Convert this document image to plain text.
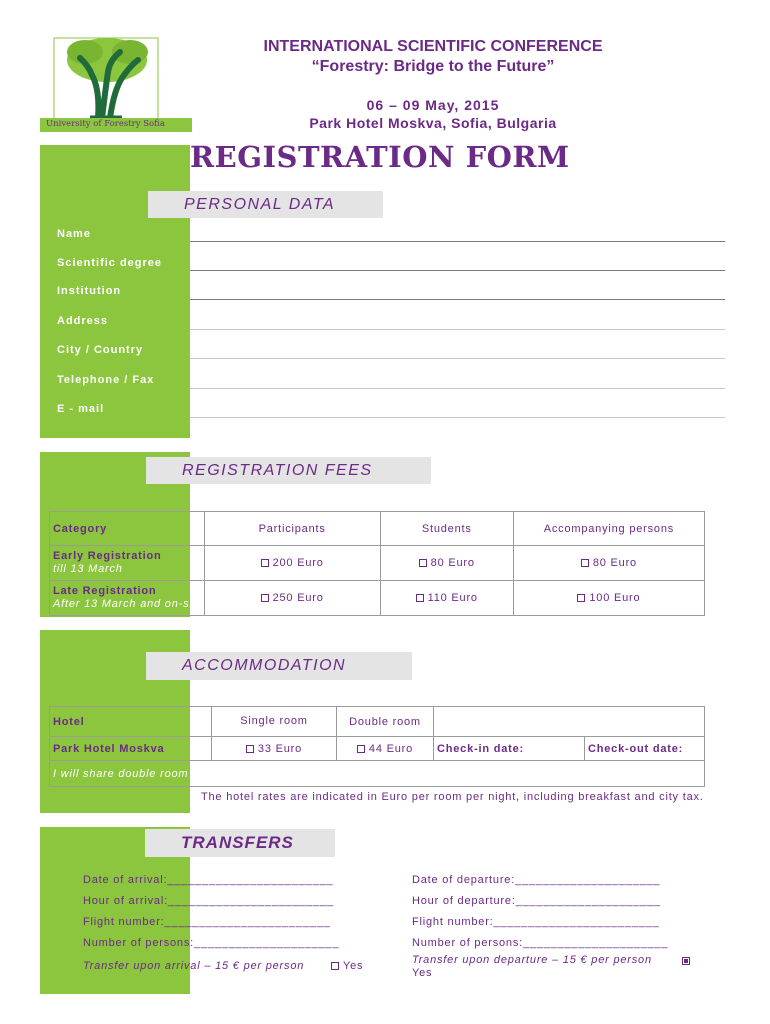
University of Forestry Sofia
INTERNATIONAL SCIENTIFIC CONFERENCE
“Forestry: Bridge to the Future”
06 – 09 May, 2015
Park Hotel Moskva, Sofia, Bulgaria
REGISTRATION FORM
PERSONAL DATA
Name
Scientific degree
Institution
Address
City / Country
Telephone / Fax
E - mail
REGISTRATION FEES
Category	Participants	Students	Accompanying persons
Early Registration
till 13 March	200 Euro	80 Euro	80 Euro
Late Registration
After 13 March and on-site	250 Euro	110 Euro	100 Euro
ACCOMMODATION
Hotel	Single room	Double room		
Park Hotel Moskva	33 Euro	44 Euro	Check-in date:	Check-out date:
I will share double room with:				
The hotel rates are indicated in Euro per room per night, including breakfast and city tax.
TRANSFERS
Date of arrival:________________________
Hour of arrival:________________________
Flight number:________________________
Number of persons:_____________________
Date of departure:_____________________
Hour of departure:_____________________
Flight number:________________________
Number of persons:_____________________
Transfer upon arrival – 15 € per person	Yes	Transfer upon departure – 15 € per person
Yes
